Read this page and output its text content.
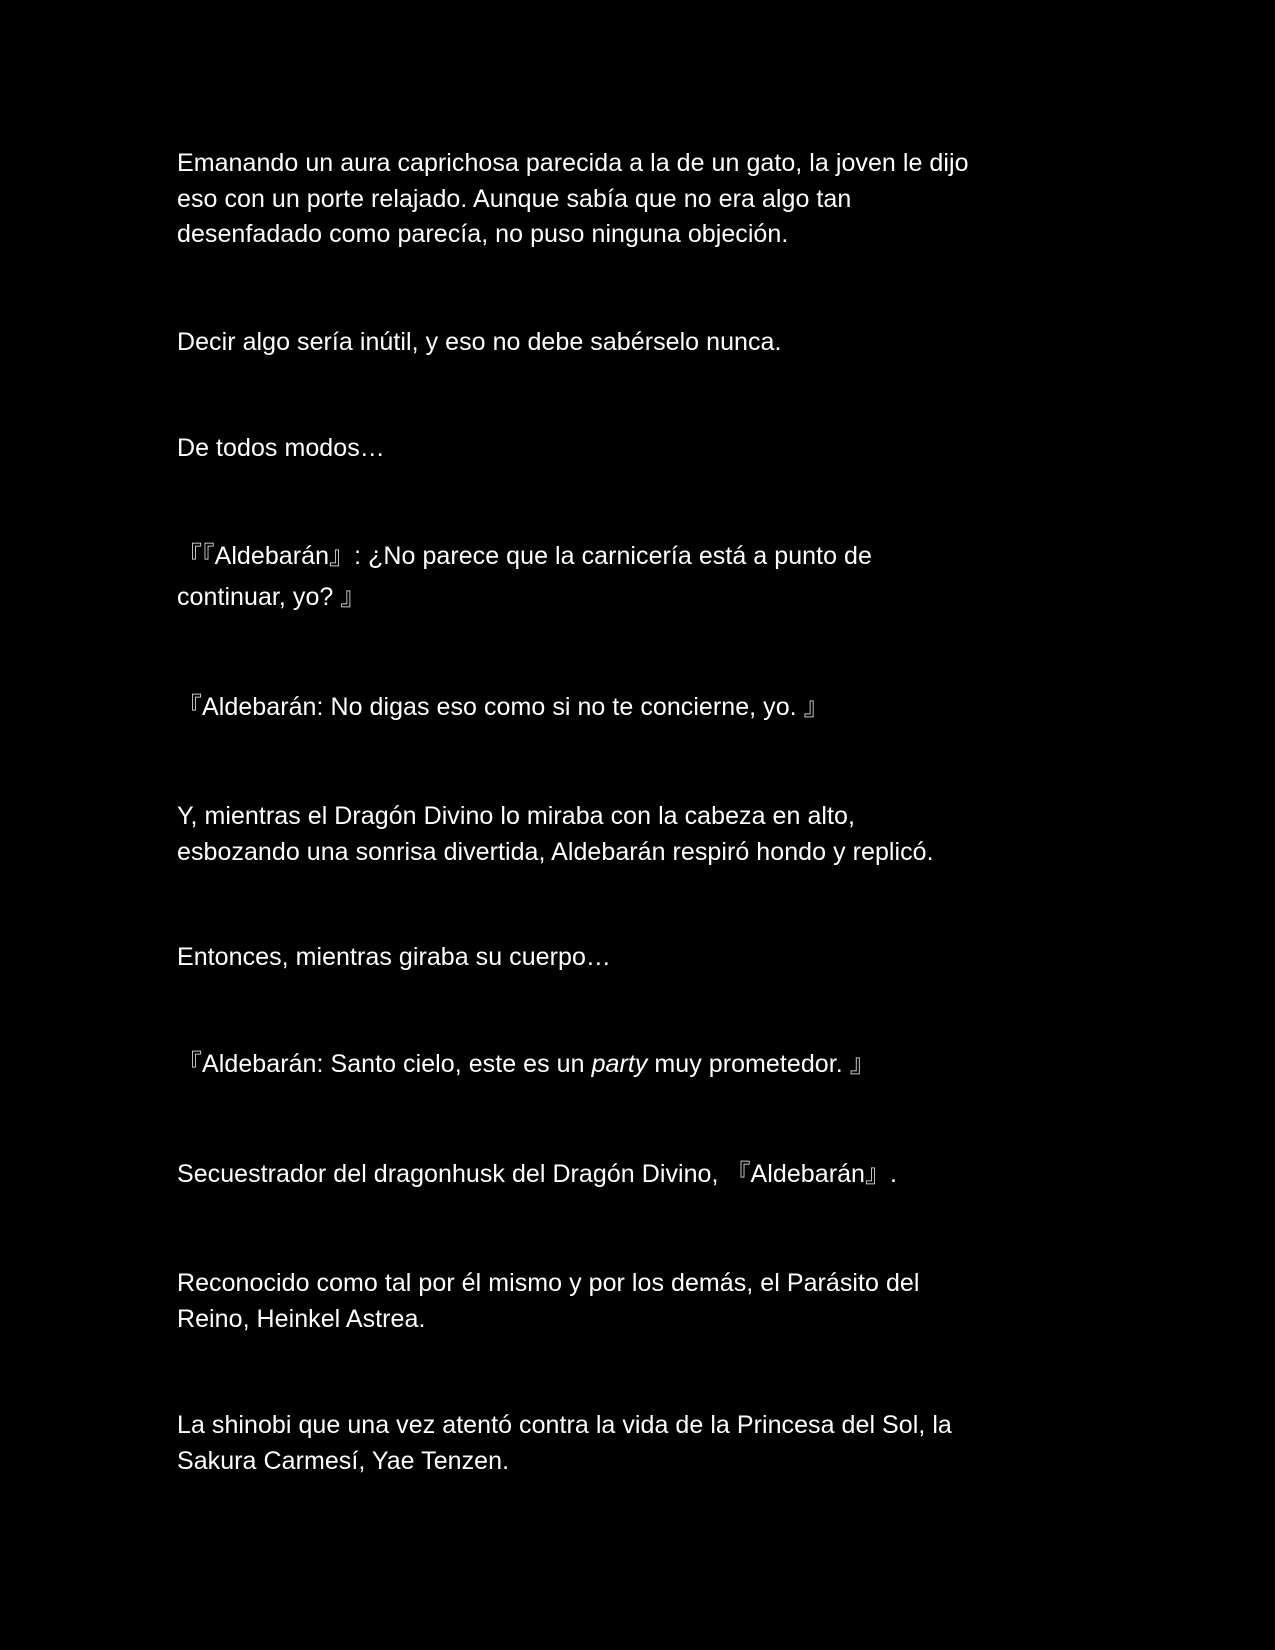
Emanando un aura caprichosa parecida a la de un gato, la joven le dijo
eso con un porte relajado. Aunque sabía que no era algo tan
desenfadado como parecía, no puso ninguna objeción.

Decir algo sería inútil, y eso no debe sabérselo nunca.

De todos modos…

『『Aldebarán』: ¿No parece que la carnicería está a punto de
continuar, yo? 』

『Aldebarán: No digas eso como si no te concierne, yo. 』

Y, mientras el Dragón Divino lo miraba con la cabeza en alto,
esbozando una sonrisa divertida, Aldebarán respiró hondo y replicó.

Entonces, mientras giraba su cuerpo…

『Aldebarán: Santo cielo, este es un party muy prometedor. 』

Secuestrador del dragonhusk del Dragón Divino, 『Aldebarán』.

Reconocido como tal por él mismo y por los demás, el Parásito del
Reino, Heinkel Astrea.

La shinobi que una vez atentó contra la vida de la Princesa del Sol, la
Sakura Carmesí, Yae Tenzen.
